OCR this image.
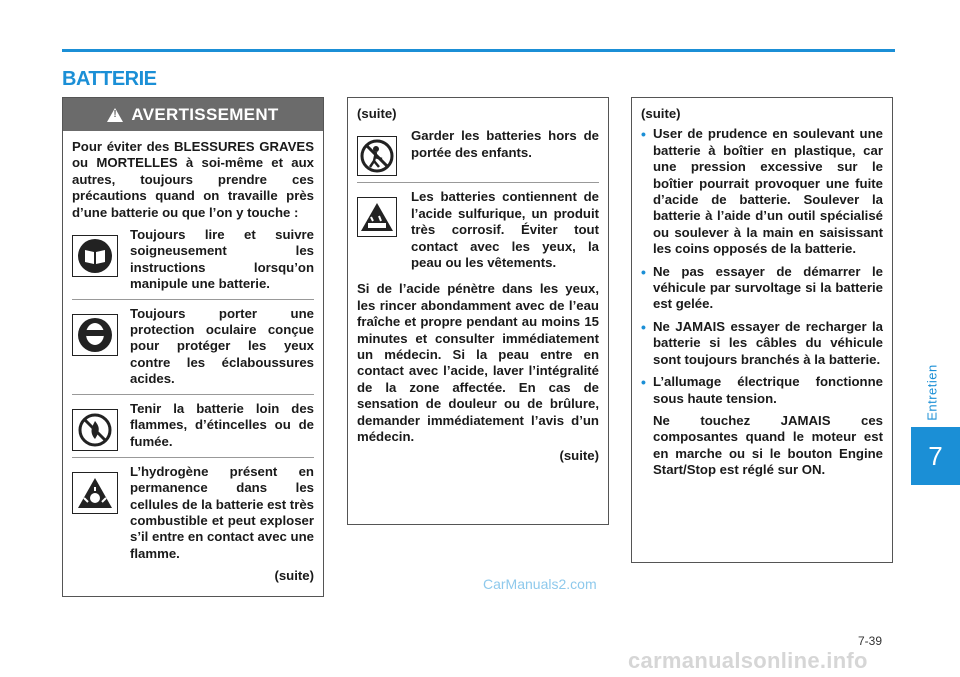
BATTERIE
Entretien
7
!
AVERTISSEMENT
Pour éviter des BLESSURES GRAVES ou MORTELLES à soi-même et aux autres, toujours prendre ces précautions quand on travaille près d’une batterie ou que l’on y touche :
Toujours lire et suivre soigneusement les instructions lorsqu’on manipule une batterie.
Toujours porter une protection oculaire conçue pour protéger les yeux contre les éclaboussures acides.
Tenir la batterie loin des flammes, d’étincelles ou de fumée.
L’hydrogène présent en permanence dans les cellules de la batterie est très combustible et peut exploser s’il entre en contact avec une flamme.
(suite)
(suite)
Garder les batteries hors de portée des enfants.
Les batteries contiennent de l’acide sulfurique, un produit très corrosif. Éviter tout contact avec les yeux, la peau ou les vêtements.
Si de l’acide pénètre dans les yeux, les rincer abondamment avec de l’eau fraîche et propre pendant au moins 15 minutes et consulter immédiatement un médecin. Si la peau entre en contact avec l’acide, laver l’intégralité de la zone affectée. En cas de sensation de douleur ou de brûlure, demander immédiatement l’avis d’un médecin.
(suite)
(suite)
• User de prudence en soulevant une batterie à boîtier en plastique, car une pression excessive sur le boîtier pourrait provoquer une fuite d’acide de batterie. Soulever la batterie à l’aide d’un outil spécialisé ou soulever à la main en saisissant les coins opposés de la batterie.
• Ne pas essayer de démarrer le véhicule par survoltage si la batterie est gelée.
• Ne JAMAIS essayer de recharger la batterie si les câbles du véhicule sont toujours branchés à la batterie.
• L’allumage électrique fonctionne sous haute tension.
Ne touchez JAMAIS ces composantes quand le moteur est en marche ou si le bouton Engine Start/Stop est réglé sur ON.
CarManuals2.com
7-39
carmanualsonline.info
